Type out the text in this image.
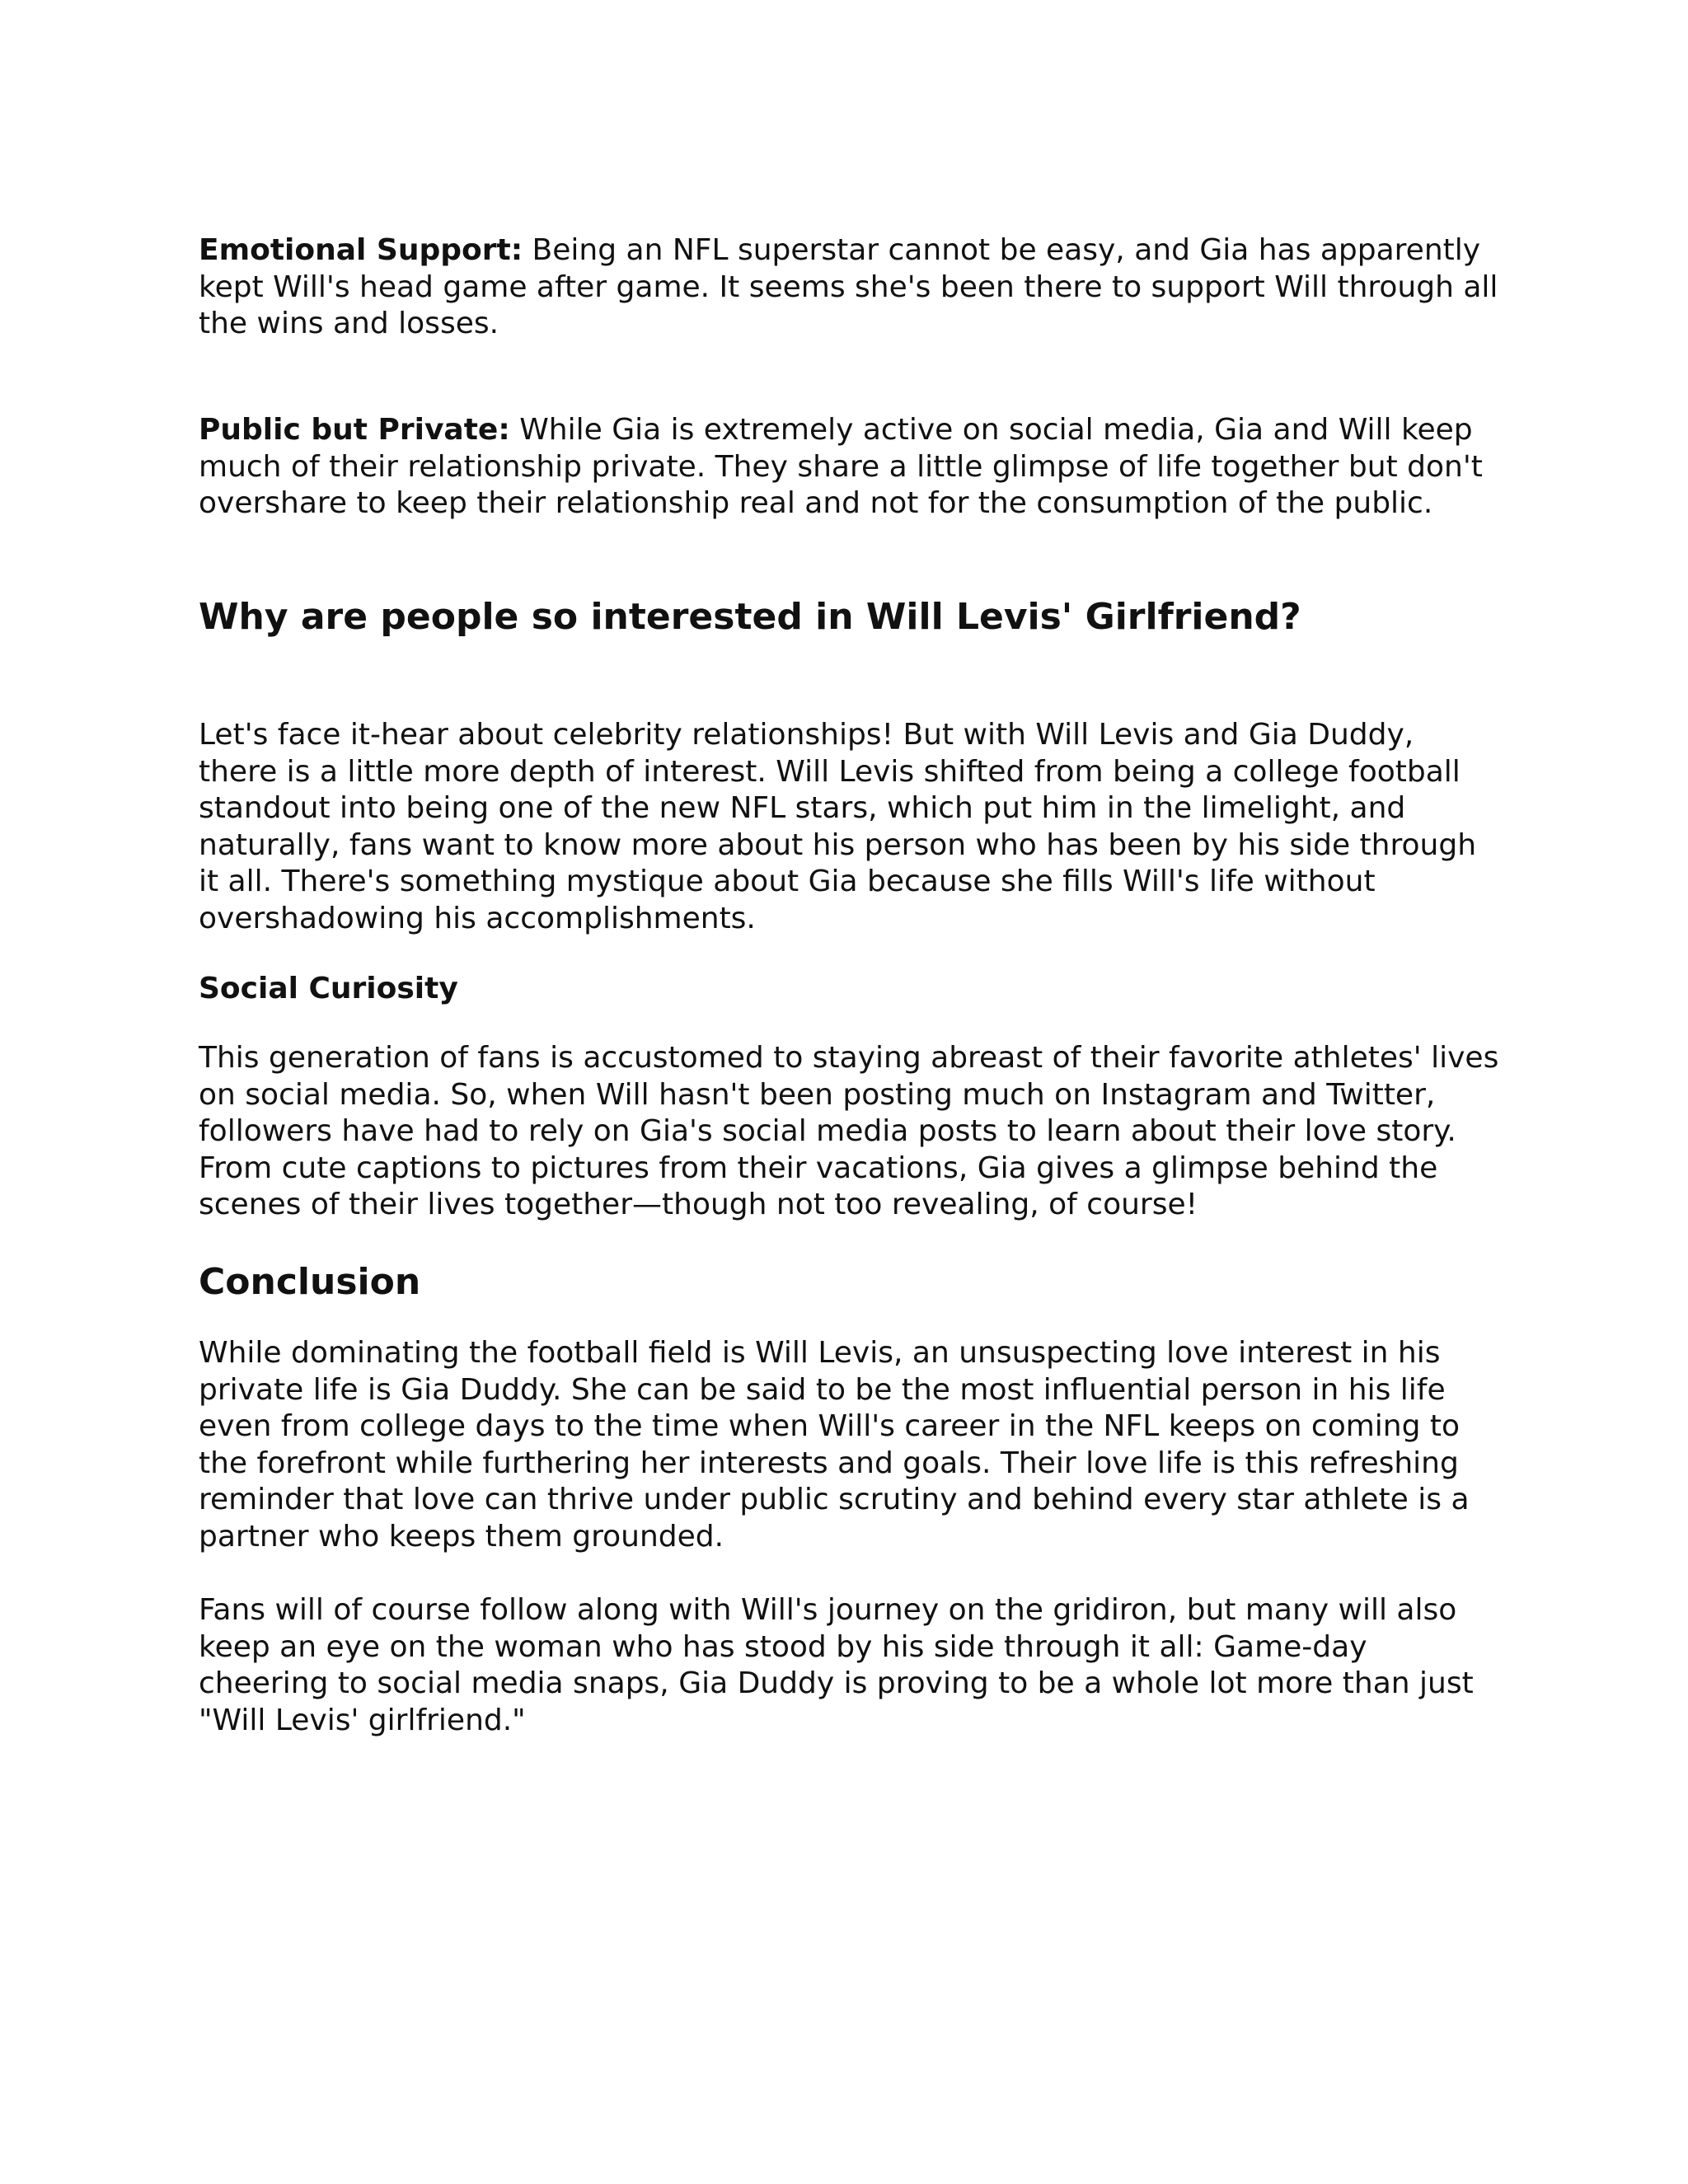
Emotional Support: Being an NFL superstar cannot be easy, and Gia has apparently kept Will's head game after game. It seems she's been there to support Will through all the wins and losses.

Public but Private: While Gia is extremely active on social media, Gia and Will keep much of their relationship private. They share a little glimpse of life together but don't overshare to keep their relationship real and not for the consumption of the public.

Why are people so interested in Will Levis' Girlfriend?

Let's face it-hear about celebrity relationships! But with Will Levis and Gia Duddy, there is a little more depth of interest. Will Levis shifted from being a college football standout into being one of the new NFL stars, which put him in the limelight, and naturally, fans want to know more about his person who has been by his side through it all. There's something mystique about Gia because she fills Will's life without overshadowing his accomplishments.

Social Curiosity

This generation of fans is accustomed to staying abreast of their favorite athletes' lives on social media. So, when Will hasn't been posting much on Instagram and Twitter, followers have had to rely on Gia's social media posts to learn about their love story. From cute captions to pictures from their vacations, Gia gives a glimpse behind the scenes of their lives together—though not too revealing, of course!

Conclusion

While dominating the football field is Will Levis, an unsuspecting love interest in his private life is Gia Duddy. She can be said to be the most influential person in his life even from college days to the time when Will's career in the NFL keeps on coming to the forefront while furthering her interests and goals. Their love life is this refreshing reminder that love can thrive under public scrutiny and behind every star athlete is a partner who keeps them grounded.

Fans will of course follow along with Will's journey on the gridiron, but many will also keep an eye on the woman who has stood by his side through it all: Game-day cheering to social media snaps, Gia Duddy is proving to be a whole lot more than just "Will Levis' girlfriend."
